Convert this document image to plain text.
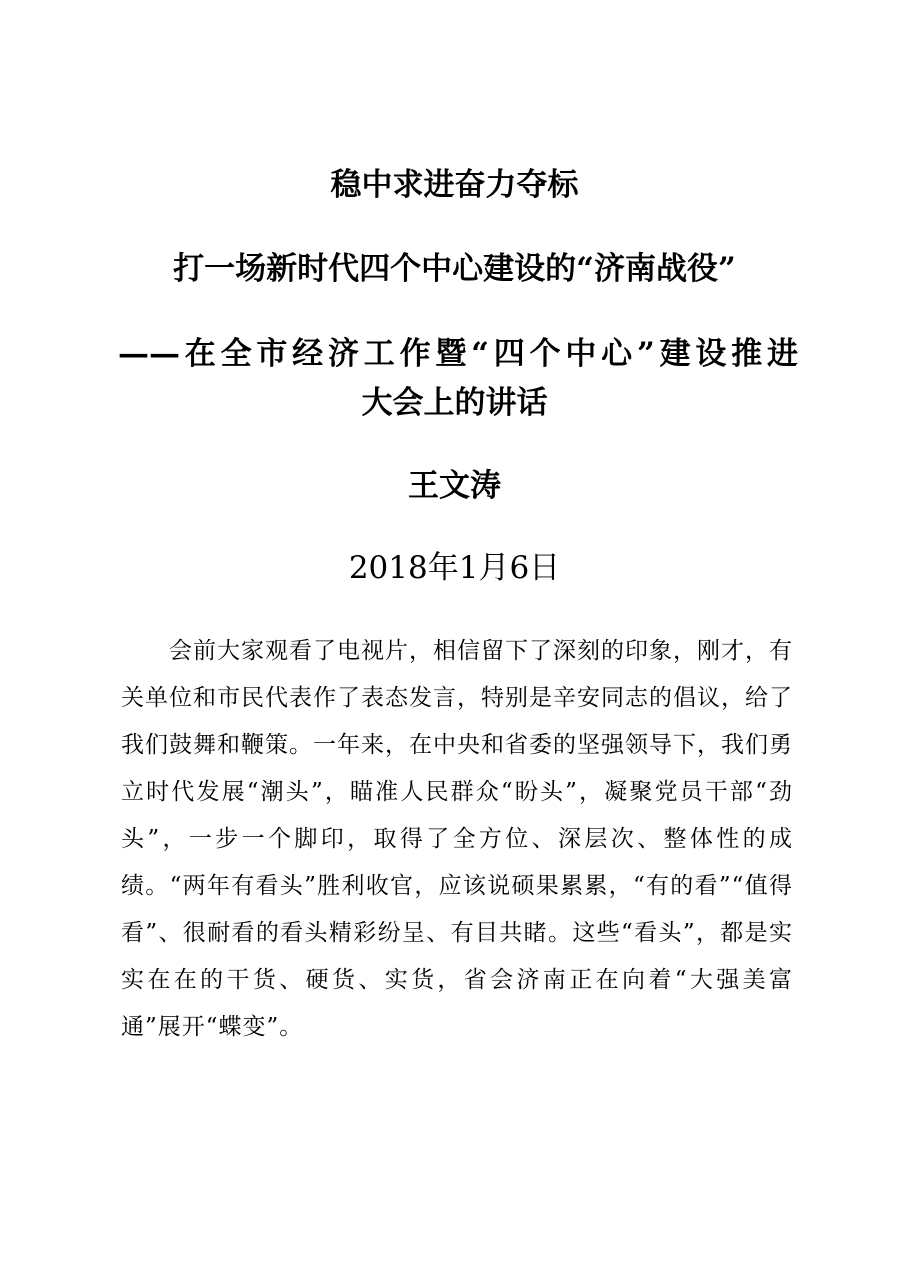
稳中求进奋力夺标
打一场新时代四个中心建设的“济南战役”
——在全市经济工作暨“四个中心”建设推进
大会上的讲话
王文涛
2018年1月6日

会前大家观看了电视片，相信留下了深刻的印象，刚才，有关单位和市民代表作了表态发言，特别是辛安同志的倡议，给了我们鼓舞和鞭策。一年来，在中央和省委的坚强领导下，我们勇立时代发展“潮头”，瞄准人民群众“盼头”，凝聚党员干部“劲头”，一步一个脚印，取得了全方位、深层次、整体性的成绩。“两年有看头”胜利收官，应该说硕果累累，“有的看”“值得看”、很耐看的看头精彩纷呈、有目共睹。这些“看头”，都是实实在在的干货、硬货、实货，省会济南正在向着“大强美富通”展开“蝶变”。
